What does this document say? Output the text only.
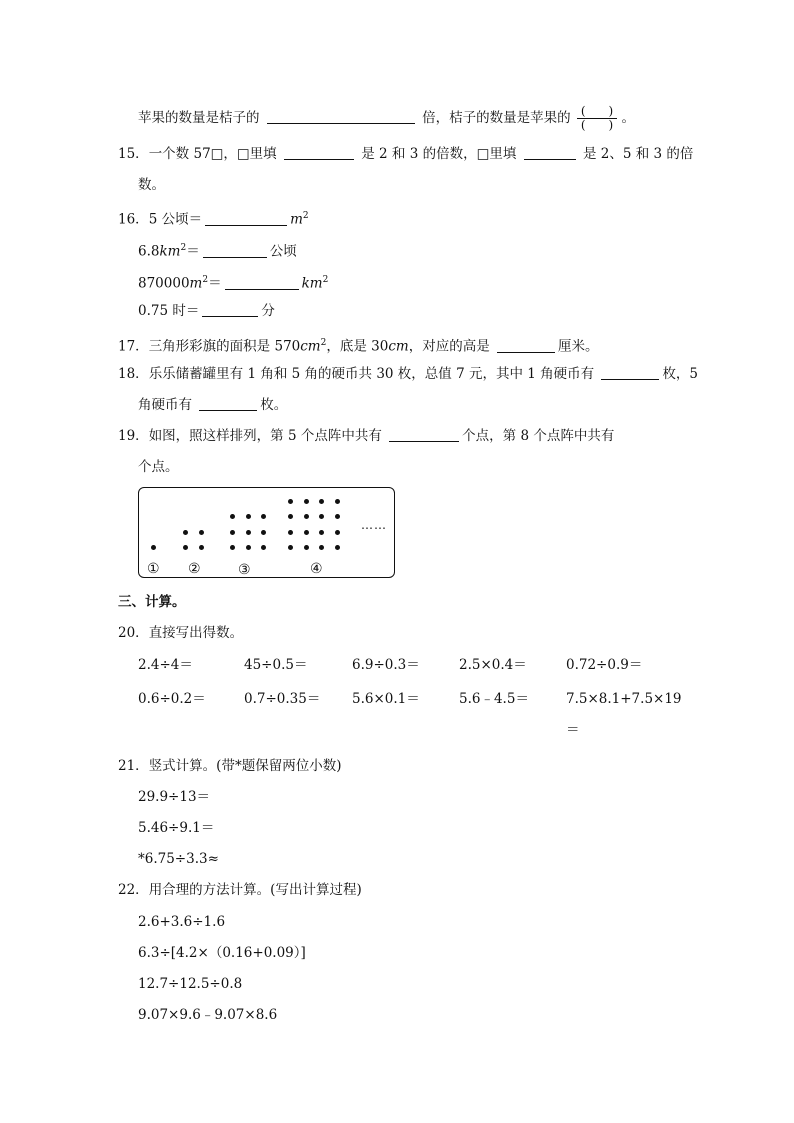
苹果的数量是桔子的	倍，桔子的数量是苹果的 $\frac{( )}{( )}$ 。
15．一个数 57□，□里填	是 2 和 3 的倍数，□里填	是 2、5 和 3 的倍
数。
16．5 公顷＝	$m^2$
$6.8km^2=$	公顷
$870000m^2=$	$km^2$
0.75 时＝	分
17．三角形彩旗的面积是 $570cm^2$，底是 30cm，对应的高是	厘米。
18．乐乐储蓄罐里有 1 角和 5 角的硬币共 30 枚，总值 7 元，其中 1 角硬币有	枚，5
角硬币有	枚。
19．如图，照这样排列，第 5 个点阵中共有	个点，第 8 个点阵中共有
个点。
① ②	③	④
……
三、计算。
20．直接写出得数。
2.4÷4＝	45÷0.5＝	6.9÷0.3＝	2.5×0.4＝	0.72÷0.9＝
0.6÷0.2＝	0.7÷0.35＝ 5.6×0.1＝	5.6﹣4.5＝	7.5×8.1+7.5×19
＝
21．竖式计算。(带*题保留两位小数)
29.9÷13＝
5.46÷9.1＝
*6.75÷3.3≈
22．用合理的方法计算。(写出计算过程)
2.6+3.6÷1.6
6.3÷[4.2×（0.16+0.09）]
12.7÷12.5÷0.8
9.07×9.6﹣9.07×8.6
